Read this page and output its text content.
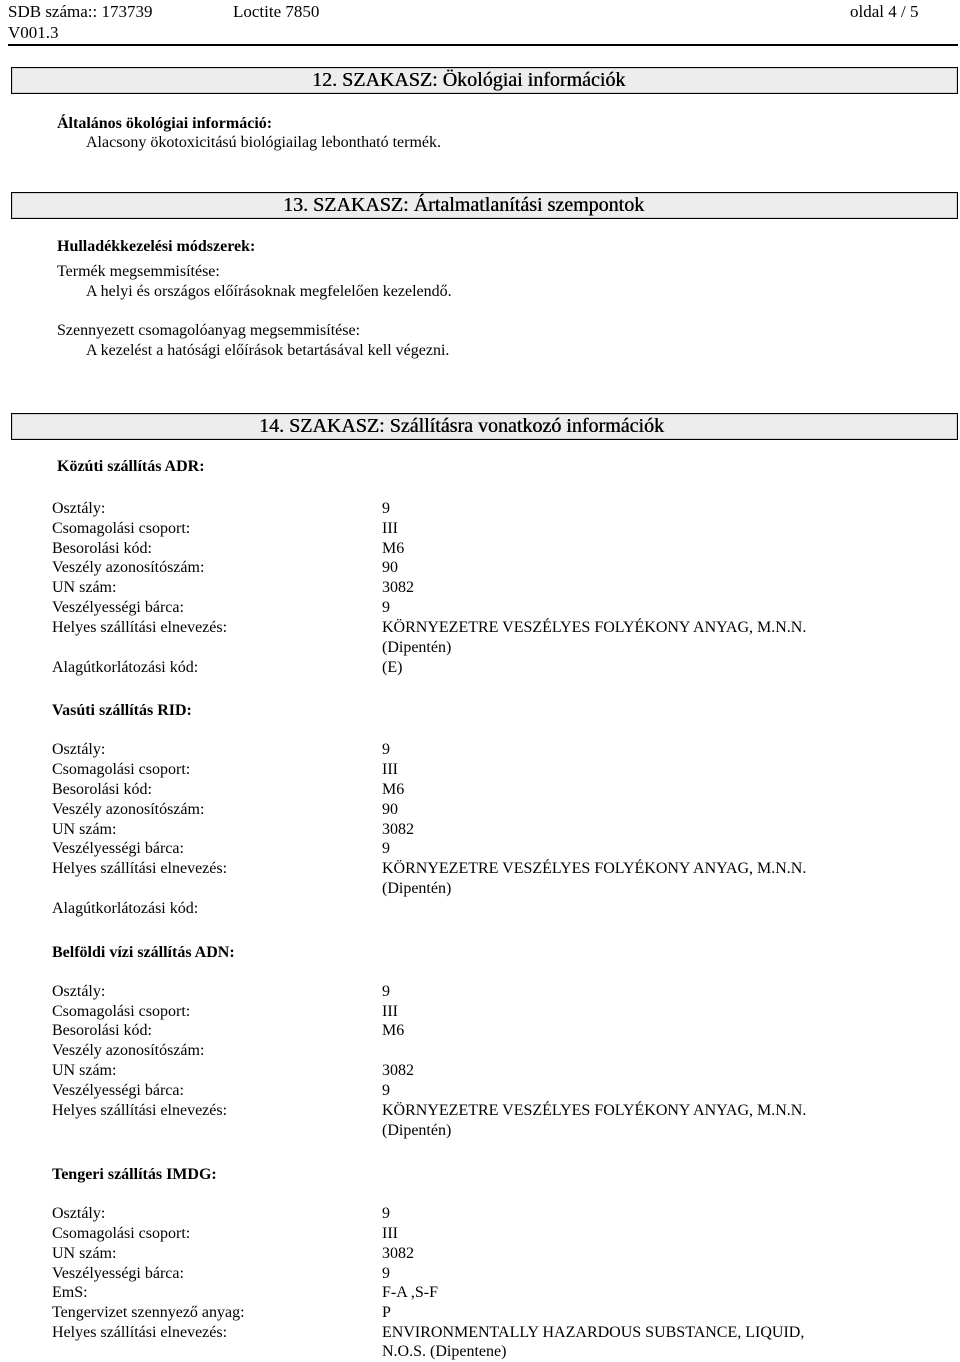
SDB száma:: 173739	Loctite 7850	oldal 4 / 5
V001.3
12. SZAKASZ: Ökológiai információk
Általános ökológiai információ:
Alacsony ökotoxicitású biológiailag lebontható termék.
13. SZAKASZ: Ártalmatlanítási szempontok
Hulladékkezelési módszerek:
Termék megsemmisítése:
A helyi és országos előírásoknak megfelelően kezelendő.
Szennyezett csomagolóanyag megsemmisítése:
A kezelést a hatósági előírások betartásával kell végezni.
14. SZAKASZ: Szállításra vonatkozó információk
Közúti szállítás ADR:
Osztály:	9
Csomagolási csoport:	III
Besorolási kód:	M6
Veszély azonosítószám:	90
UN szám:	3082
Veszélyességi bárca:	9
Helyes szállítási elnevezés:	KÖRNYEZETRE VESZÉLYES FOLYÉKONY ANYAG, M.N.N.
(Dipentén)
Alagútkorlátozási kód:	(E)
Vasúti szállítás RID:
Osztály:	9
Csomagolási csoport:	III
Besorolási kód:	M6
Veszély azonosítószám:	90
UN szám:	3082
Veszélyességi bárca:	9
Helyes szállítási elnevezés:	KÖRNYEZETRE VESZÉLYES FOLYÉKONY ANYAG, M.N.N.
(Dipentén)
Alagútkorlátozási kód:
Belföldi vízi szállítás ADN:
Osztály:	9
Csomagolási csoport:	III
Besorolási kód:	M6
Veszély azonosítószám:
UN szám:	3082
Veszélyességi bárca:	9
Helyes szállítási elnevezés:	KÖRNYEZETRE VESZÉLYES FOLYÉKONY ANYAG, M.N.N.
(Dipentén)
Tengeri szállítás IMDG:
Osztály:	9
Csomagolási csoport:	III
UN szám:	3082
Veszélyességi bárca:	9
EmS:	F-A ,S-F
Tengervizet szennyező anyag:	P
Helyes szállítási elnevezés:	ENVIRONMENTALLY HAZARDOUS SUBSTANCE, LIQUID,
N.O.S. (Dipentene)
